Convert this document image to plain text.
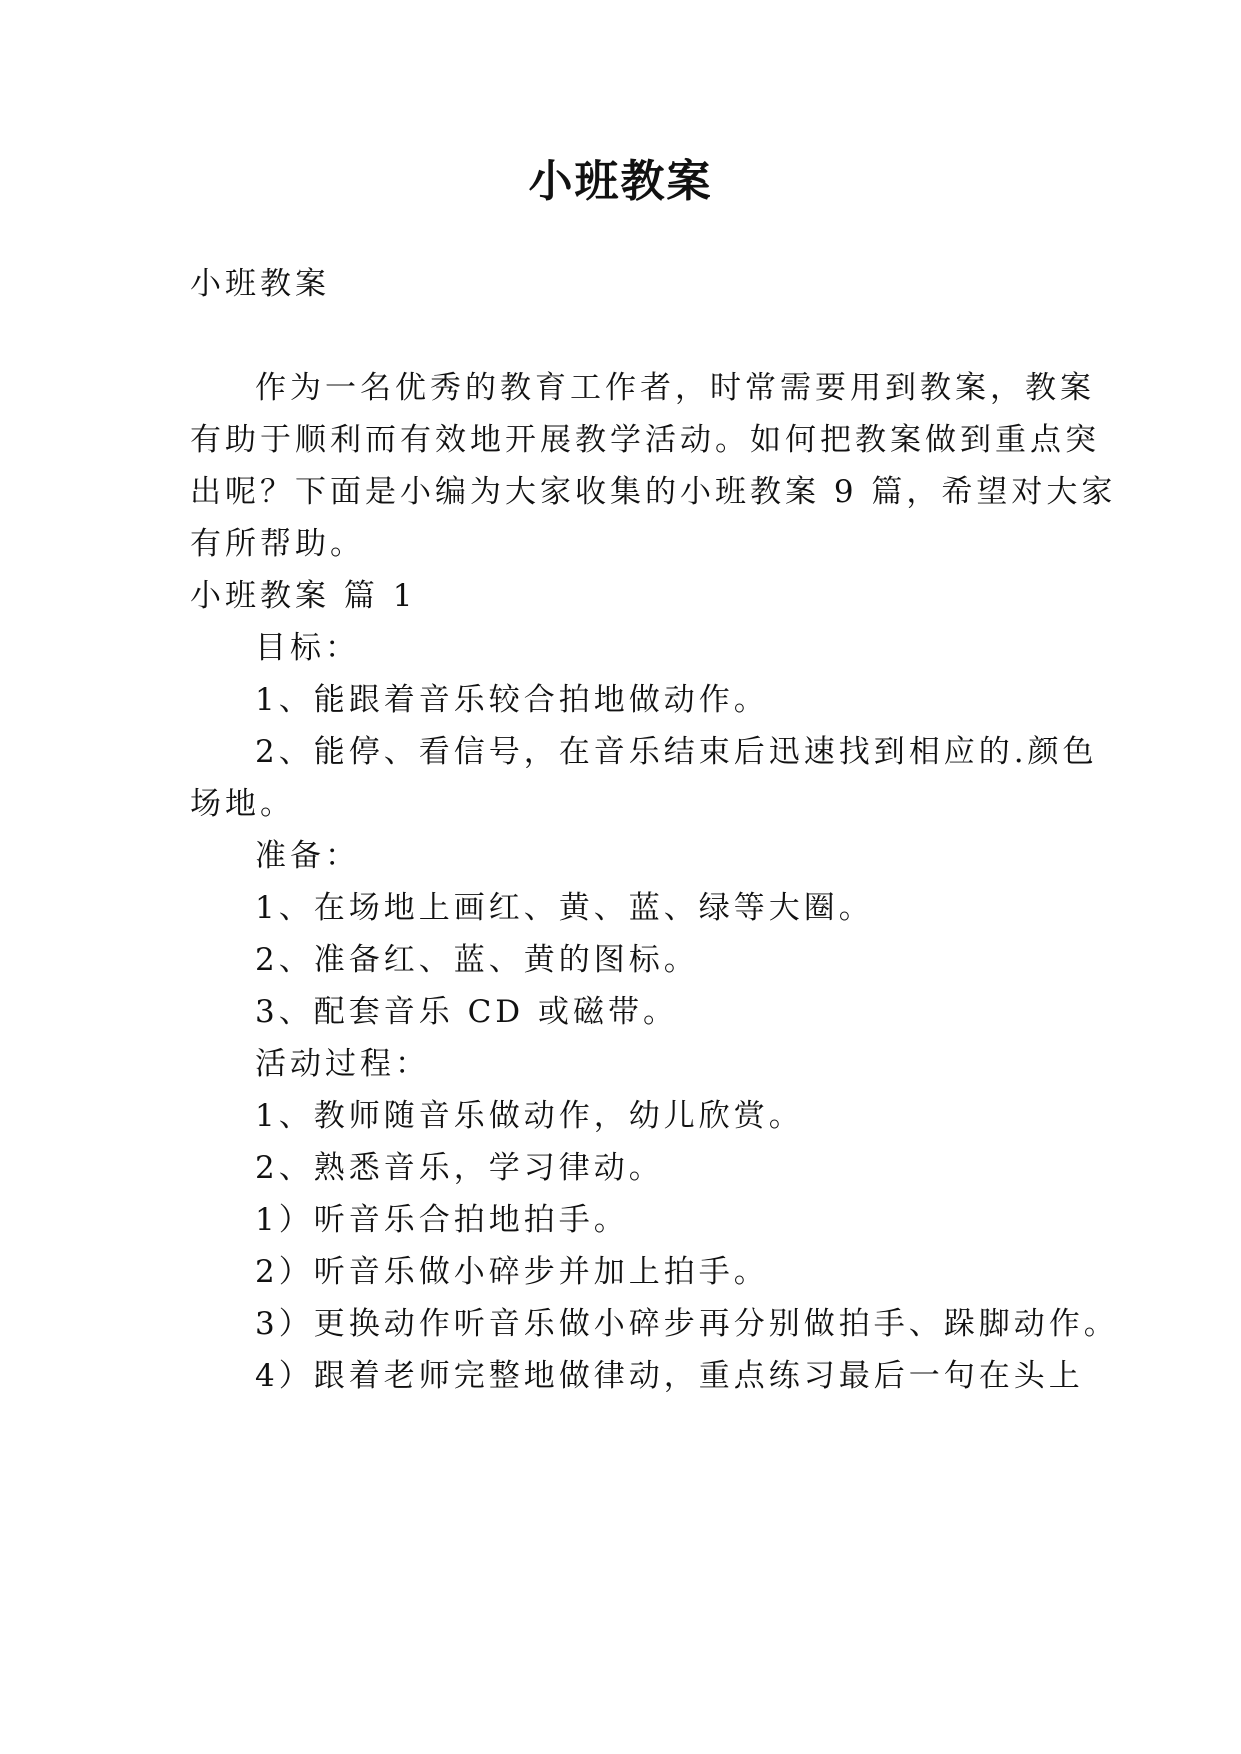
小班教案
小班教案
作为一名优秀的教育工作者，时常需要用到教案，教案
有助于顺利而有效地开展教学活动。如何把教案做到重点突
出呢？下面是小编为大家收集的小班教案 9 篇，希望对大家
有所帮助。
小班教案 篇 1
目标：
1、能跟着音乐较合拍地做动作。
2、能停、看信号，在音乐结束后迅速找到相应的.颜色
场地。
准备：
1、在场地上画红、黄、蓝、绿等大圈。
2、准备红、蓝、黄的图标。
3、配套音乐 CD 或磁带。
活动过程：
1、教师随音乐做动作，幼儿欣赏。
2、熟悉音乐，学习律动。
1）听音乐合拍地拍手。
2）听音乐做小碎步并加上拍手。
3）更换动作听音乐做小碎步再分别做拍手、跺脚动作。
4）跟着老师完整地做律动，重点练习最后一句在头上
